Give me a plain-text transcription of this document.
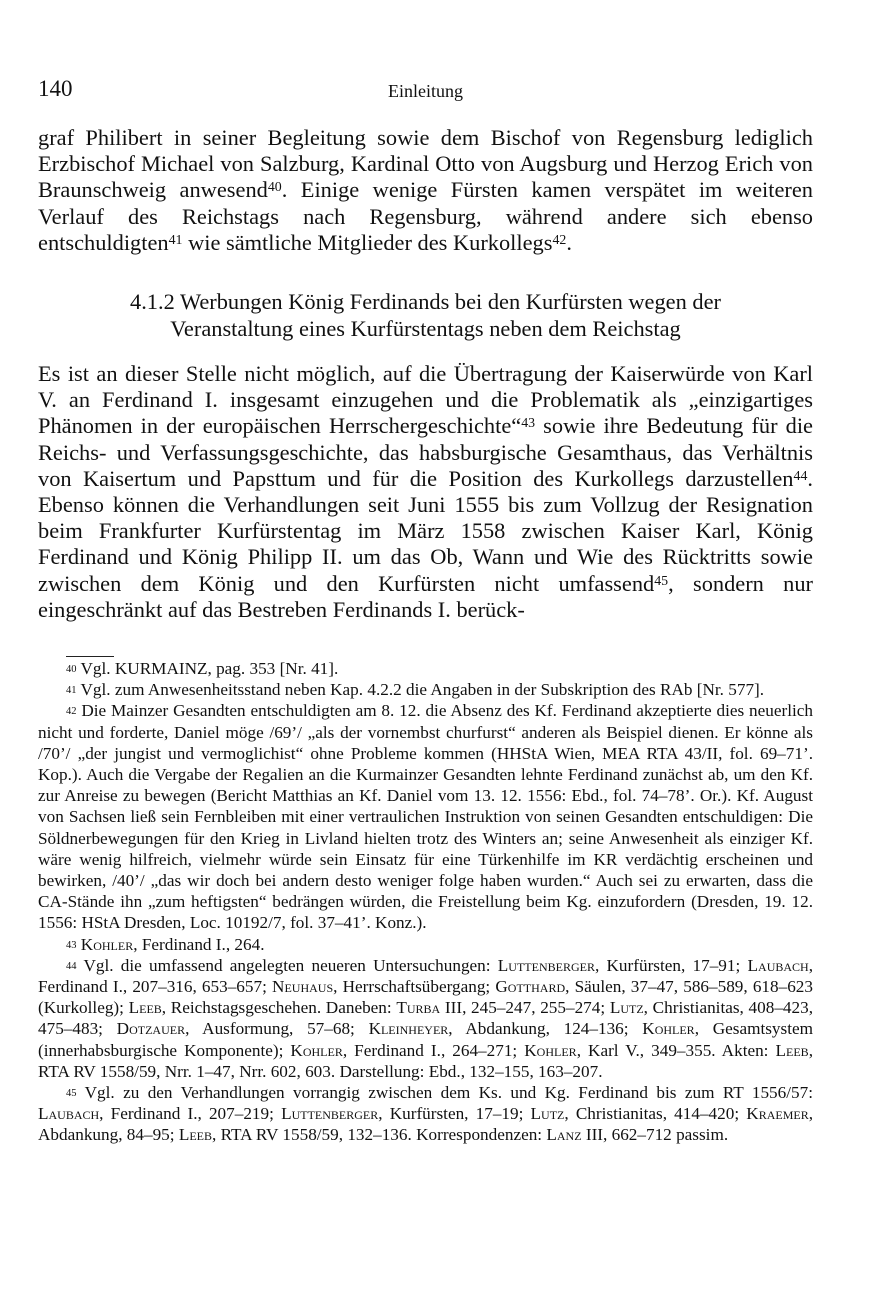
140	Einleitung

graf Philibert in seiner Begleitung sowie dem Bischof von Regensburg lediglich Erzbischof Michael von Salzburg, Kardinal Otto von Augsburg und Herzog Erich von Braunschweig anwesend$^{40}$. Einige wenige Fürsten kamen verspätet im weiteren Verlauf des Reichstags nach Regensburg, während andere sich ebenso entschuldigten$^{41}$ wie sämtliche Mitglieder des Kurkollegs$^{42}$.

4.1.2 Werbungen König Ferdinands bei den Kurfürsten wegen der
Veranstaltung eines Kurfürstentags neben dem Reichstag

Es ist an dieser Stelle nicht möglich, auf die Übertragung der Kaiserwürde von Karl V. an Ferdinand I. insgesamt einzugehen und die Problematik als „einzigartiges Phänomen in der europäischen Herrschergeschichte“$^{43}$ sowie ihre Bedeutung für die Reichs- und Verfassungsgeschichte, das habsburgische Gesamthaus, das Verhältnis von Kaisertum und Papsttum und für die Position des Kurkollegs darzustellen$^{44}$. Ebenso können die Verhandlungen seit Juni 1555 bis zum Vollzug der Resignation beim Frankfurter Kurfürstentag im März 1558 zwischen Kaiser Karl, König Ferdinand und König Philipp II. um das Ob, Wann und Wie des Rücktritts sowie zwischen dem König und den Kurfürsten nicht umfassend$^{45}$, sondern nur eingeschränkt auf das Bestreben Ferdinands I. berück-

$^{40}$ Vgl. KURMAINZ, pag. 353 [Nr. 41].

$^{41}$ Vgl. zum Anwesenheitsstand neben Kap. 4.2.2 die Angaben in der Subskription des RAb [Nr. 577].

$^{42}$ Die Mainzer Gesandten entschuldigten am 8. 12. die Absenz des Kf. Ferdinand akzeptierte dies neuerlich nicht und forderte, Daniel möge /69’/ „als der vornembst churfurst“ anderen als Beispiel dienen. Er könne als /70’/ „der jungist und vermoglichist“ ohne Probleme kommen (HHStA Wien, MEA RTA 43/II, fol. 69–71’. Kop.). Auch die Vergabe der Regalien an die Kurmainzer Gesandten lehnte Ferdinand zunächst ab, um den Kf. zur Anreise zu bewegen (Bericht Matthias an Kf. Daniel vom 13. 12. 1556: Ebd., fol. 74–78’. Or.). Kf. August von Sachsen ließ sein Fernbleiben mit einer vertraulichen Instruktion von seinen Gesandten entschuldigen: Die Söldnerbewegungen für den Krieg in Livland hielten trotz des Winters an; seine Anwesenheit als einziger Kf. wäre wenig hilfreich, vielmehr würde sein Einsatz für eine Türkenhilfe im KR verdächtig erscheinen und bewirken, /40’/ „das wir doch bei andern desto weniger folge haben wurden.“ Auch sei zu erwarten, dass die CA-Stände ihn „zum heftigsten“ bedrängen würden, die Freistellung beim Kg. einzufordern (Dresden, 19. 12. 1556: HStA Dresden, Loc. 10192/7, fol. 37–41’. Konz.).

$^{43}$ Kohler, Ferdinand I., 264.

$^{44}$ Vgl. die umfassend angelegten neueren Untersuchungen: Luttenberger, Kurfürsten, 17–91; Laubach, Ferdinand I., 207–316, 653–657; Neuhaus, Herrschaftsübergang; Gotthard, Säulen, 37–47, 586–589, 618–623 (Kurkolleg); Leeb, Reichstagsgeschehen. Daneben: Turba III, 245–247, 255–274; Lutz, Christianitas, 408–423, 475–483; Dotzauer, Ausformung, 57–68; Kleinheyer, Abdankung, 124–136; Kohler, Gesamtsystem (innerhabsburgische Komponente); Kohler, Ferdinand I., 264–271; Kohler, Karl V., 349–355. Akten: Leeb, RTA RV 1558/59, Nrr. 1–47, Nrr. 602, 603. Darstellung: Ebd., 132–155, 163–207.

$^{45}$ Vgl. zu den Verhandlungen vorrangig zwischen dem Ks. und Kg. Ferdinand bis zum RT 1556/57: Laubach, Ferdinand I., 207–219; Luttenberger, Kurfürsten, 17–19; Lutz, Christianitas, 414–420; Kraemer, Abdankung, 84–95; Leeb, RTA RV 1558/59, 132–136. Korrespondenzen: Lanz III, 662–712 passim.
